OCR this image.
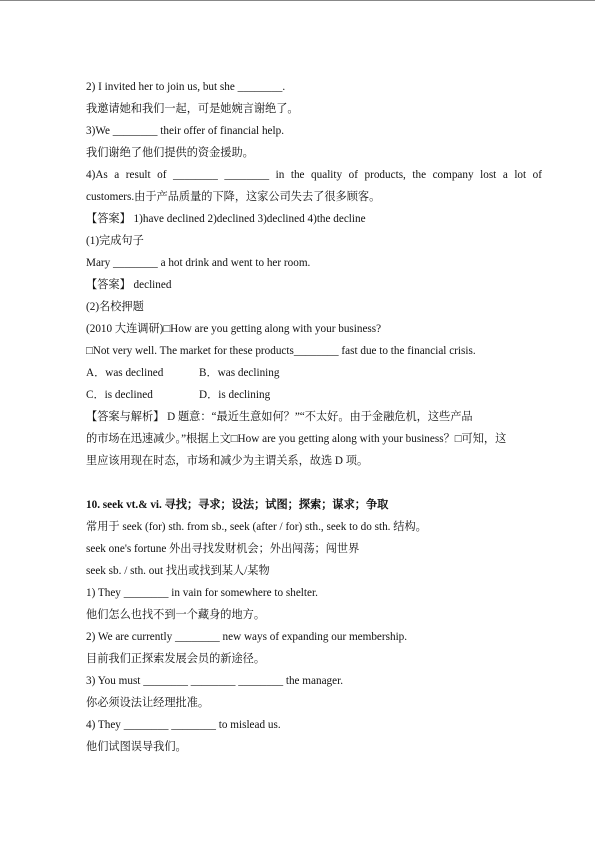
2) I invited her to join us, but she ________.
我邀请她和我们一起，可是她婉言谢绝了。
3)We ________ their offer of financial help.
我们谢绝了他们提供的资金援助。
4)As a result of ________ ________ in the quality of products, the company lost a lot of
customers.由于产品质量的下降，这家公司失去了很多顾客。
【答案】 1)have declined 2)declined 3)declined 4)the decline
(1)完成句子
Mary ________ a hot drink and went to her room.
【答案】 declined
(2)名校押题
(2010 大连调研)□How are you getting along with your business?
□Not very well. The market for these products________ fast due to the financial crisis.
A．was declined	B．was declining
C．is declined	D．is declining
【答案与解析】 D 题意：“最近生意如何？”“不太好。由于金融危机，这些产品
的市场在迅速减少。”根据上文□How are you getting along with your business？□可知，这
里应该用现在时态，市场和减少为主谓关系，故选 D 项。
10. seek vt.& vi. 寻找；寻求；设法；试图；探索；谋求；争取
常用于 seek (for) sth. from sb., seek (after / for) sth., seek to do sth. 结构。
seek one's fortune 外出寻找发财机会；外出闯荡；闯世界
seek sb. / sth. out 找出或找到某人/某物
1) They ________ in vain for somewhere to shelter.
他们怎么也找不到一个藏身的地方。
2) We are currently ________ new ways of expanding our membership.
目前我们正探索发展会员的新途径。
3) You must ________ ________ ________ the manager.
你必须设法让经理批准。
4) They ________ ________ to mislead us.
他们试图误导我们。
